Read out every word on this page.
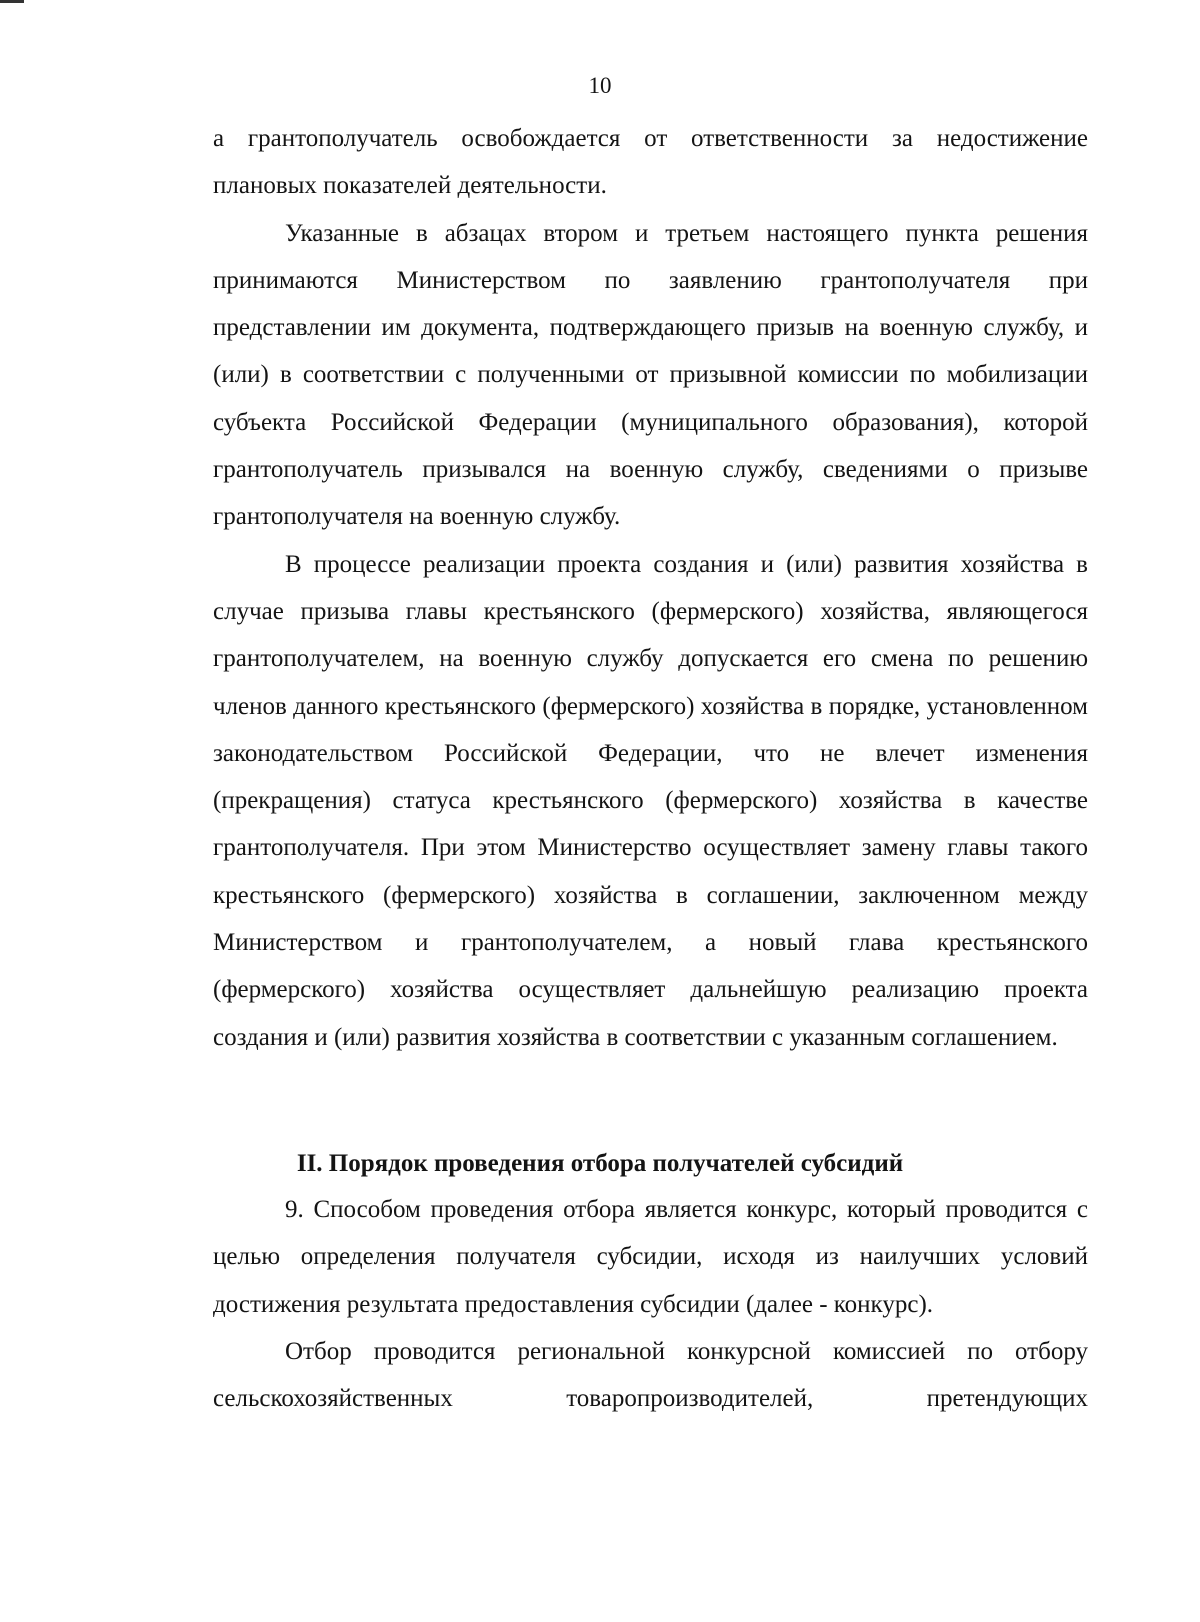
10

а грантополучатель освобождается от ответственности за недостижение плановых показателей деятельности.

Указанные в абзацах втором и третьем настоящего пункта решения принимаются Министерством по заявлению грантополучателя при представлении им документа, подтверждающего призыв на военную службу, и (или) в соответствии с полученными от призывной комиссии по мобилизации субъекта Российской Федерации (муниципального образования), которой грантополучатель призывался на военную службу, сведениями о призыве грантополучателя на военную службу.

В процессе реализации проекта создания и (или) развития хозяйства в случае призыва главы крестьянского (фермерского) хозяйства, являющегося грантополучателем, на военную службу допускается его смена по решению членов данного крестьянского (фермерского) хозяйства в порядке, установленном законодательством Российской Федерации, что не влечет изменения (прекращения) статуса крестьянского (фермерского) хозяйства в качестве грантополучателя. При этом Министерство осуществляет замену главы такого крестьянского (фермерского) хозяйства в соглашении, заключенном между Министерством и грантополучателем, а новый глава крестьянского (фермерского) хозяйства осуществляет дальнейшую реализацию проекта создания и (или) развития хозяйства в соответствии с указанным соглашением.

II. Порядок проведения отбора получателей субсидий

9. Способом проведения отбора является конкурс, который проводится с целью определения получателя субсидии, исходя из наилучших условий достижения результата предоставления субсидии (далее - конкурс).

Отбор проводится региональной конкурсной комиссией по отбору сельскохозяйственных товаропроизводителей, претендующих
